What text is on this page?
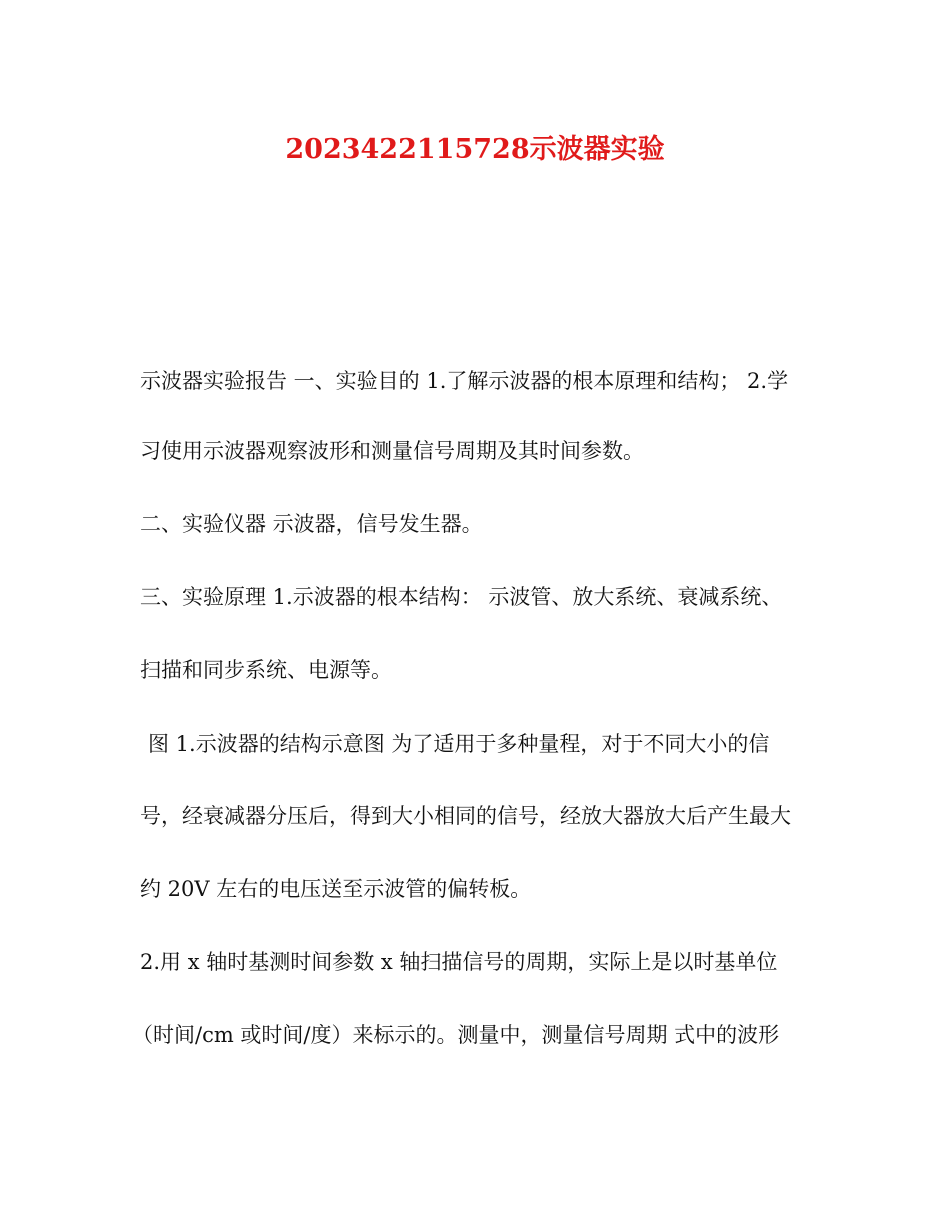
2023422115728示波器实验
示波器实验报告 一、实验目的 1.了解示波器的根本原理和结构； 2.学
习使用示波器观察波形和测量信号周期及其时间参数。
二、实验仪器 示波器，信号发生器。
三、实验原理 1.示波器的根本结构： 示波管、放大系统、衰减系统、
扫描和同步系统、电源等。
图 1.示波器的结构示意图 为了适用于多种量程，对于不同大小的信
号，经衰减器分压后，得到大小相同的信号，经放大器放大后产生最大
约 20V 左右的电压送至示波管的偏转板。
2.用 x 轴时基测时间参数 x 轴扫描信号的周期，实际上是以时基单位
（时间/cm 或时间/度）来标示的。测量中，测量信号周期 式中的波形
